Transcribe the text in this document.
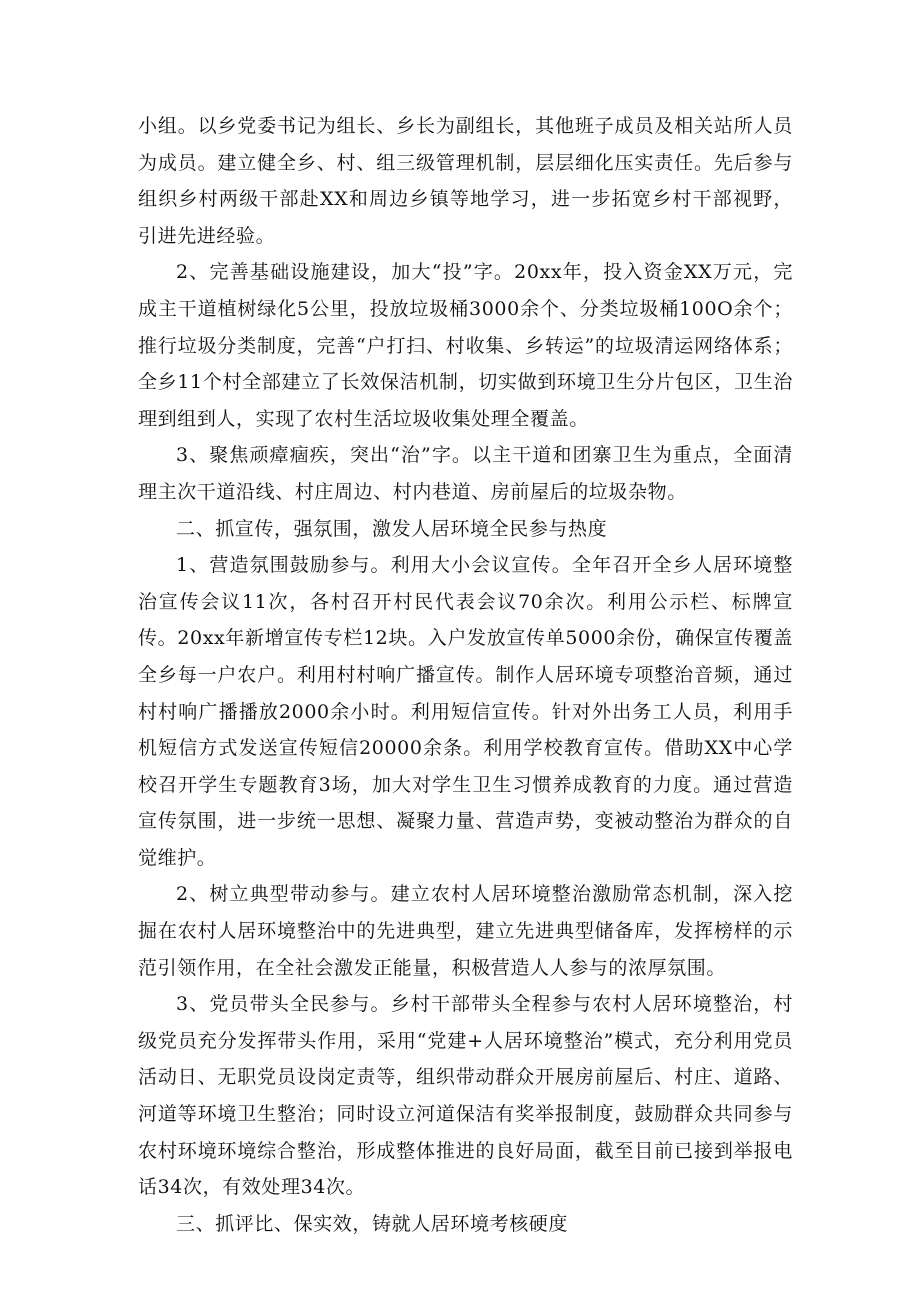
小组。以乡党委书记为组长、乡长为副组长，其他班子成员及相关站所人员为成员。建立健全乡、村、组三级管理机制，层层细化压实责任。先后参与组织乡村两级干部赴XX和周边乡镇等地学习，进一步拓宽乡村干部视野，引进先进经验。

2、完善基础设施建设，加大“投”字。20xx年，投入资金XX万元，完成主干道植树绿化5公里，投放垃圾桶3000余个、分类垃圾桶100O余个；推行垃圾分类制度，完善“户打扫、村收集、乡转运”的垃圾清运网络体系；全乡11个村全部建立了长效保洁机制，切实做到环境卫生分片包区，卫生治理到组到人，实现了农村生活垃圾收集处理全覆盖。

3、聚焦顽瘴痼疾，突出“治”字。以主干道和团寨卫生为重点，全面清理主次干道沿线、村庄周边、村内巷道、房前屋后的垃圾杂物。

二、抓宣传，强氛围，激发人居环境全民参与热度

1、营造氛围鼓励参与。利用大小会议宣传。全年召开全乡人居环境整治宣传会议11次，各村召开村民代表会议70余次。利用公示栏、标牌宣传。20xx年新增宣传专栏12块。入户发放宣传单5000余份，确保宣传覆盖全乡每一户农户。利用村村响广播宣传。制作人居环境专项整治音频，通过村村响广播播放2000余小时。利用短信宣传。针对外出务工人员，利用手机短信方式发送宣传短信20000余条。利用学校教育宣传。借助XX中心学校召开学生专题教育3场，加大对学生卫生习惯养成教育的力度。通过营造宣传氛围，进一步统一思想、凝聚力量、营造声势，变被动整治为群众的自觉维护。

2、树立典型带动参与。建立农村人居环境整治激励常态机制，深入挖掘在农村人居环境整治中的先进典型，建立先进典型储备库，发挥榜样的示范引领作用，在全社会激发正能量，积极营造人人参与的浓厚氛围。

3、党员带头全民参与。乡村干部带头全程参与农村人居环境整治，村级党员充分发挥带头作用，采用“党建+人居环境整治”模式，充分利用党员活动日、无职党员设岗定责等，组织带动群众开展房前屋后、村庄、道路、河道等环境卫生整治；同时设立河道保洁有奖举报制度，鼓励群众共同参与农村环境环境综合整治，形成整体推进的良好局面，截至目前已接到举报电话34次，有效处理34次。

三、抓评比、保实效，铸就人居环境考核硬度
